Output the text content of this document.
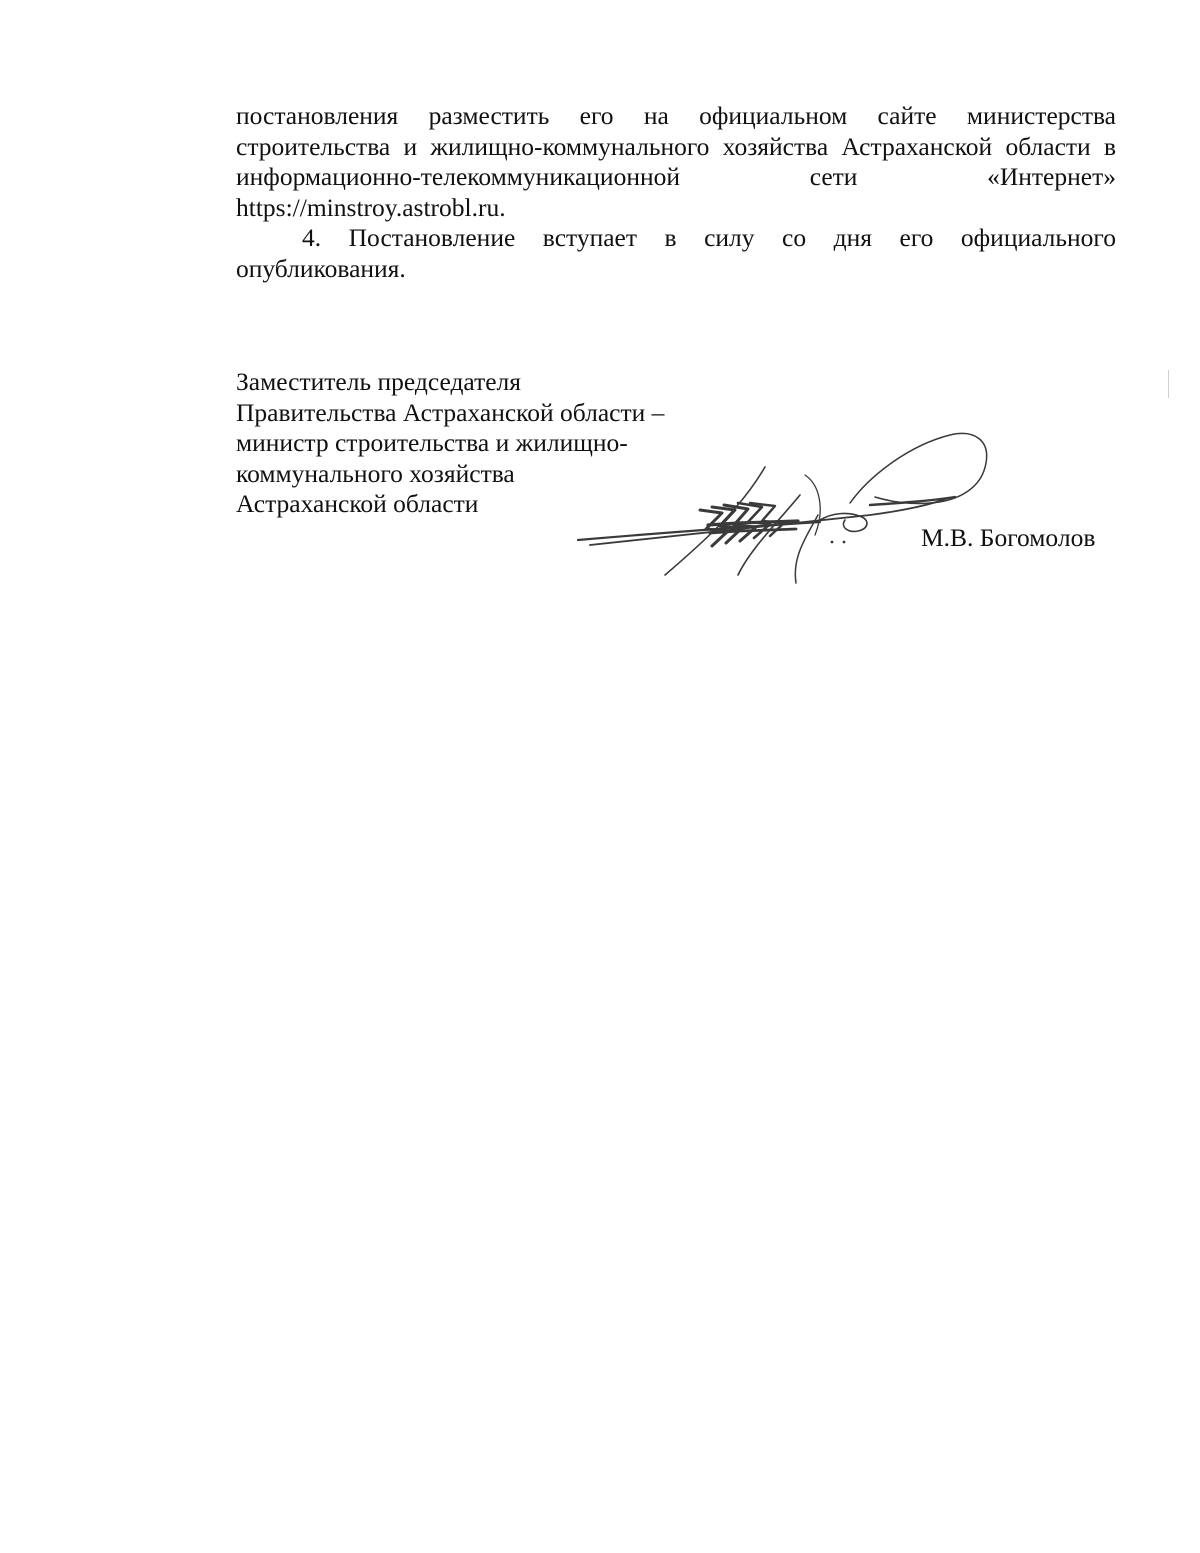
постановления разместить его на официальном сайте министерства
строительства и жилищно-коммунального хозяйства Астраханской области в
информационно-телекоммуникационной сети «Интернет»
https://minstroy.astrobl.ru.

4. Постановление вступает в силу со дня его официального
опубликования.

Заместитель председателя
Правительства Астраханской области –
министр строительства и жилищно-
коммунального хозяйства
Астраханской области
М.В. Богомолов
